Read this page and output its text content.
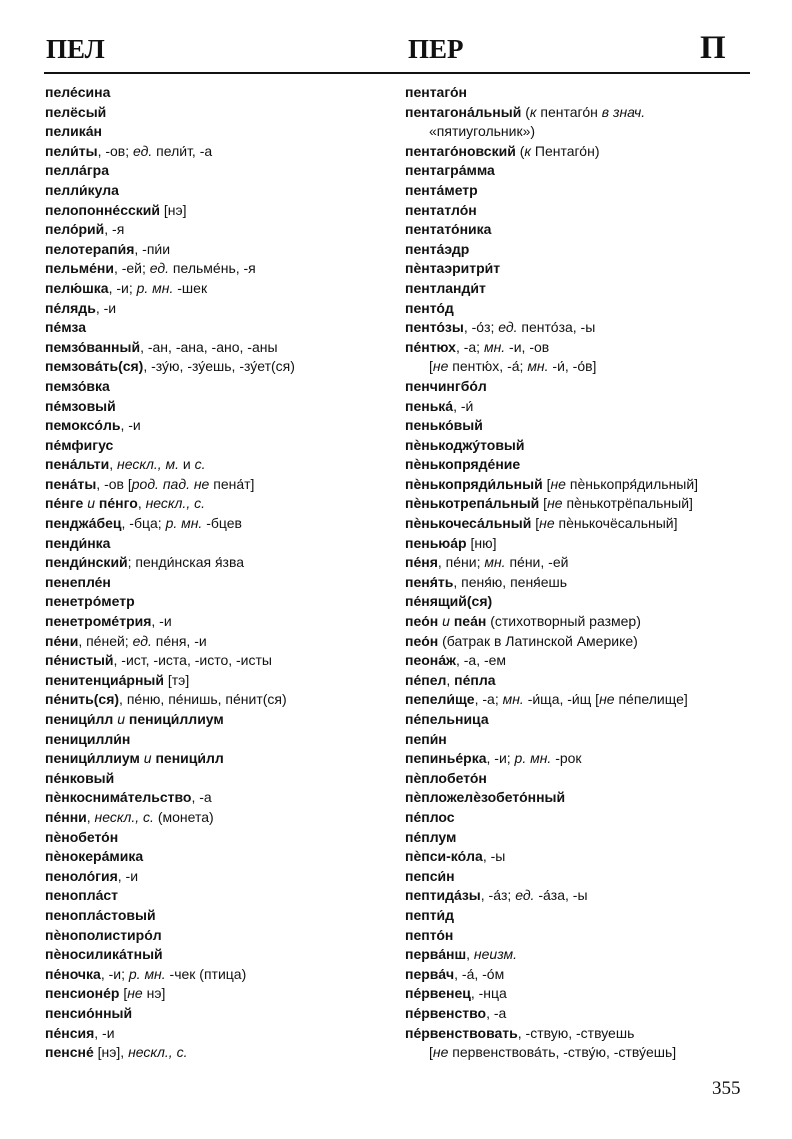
ПЕЛ	ПЕР	П
пеле́сина
пелёсый
пелика́н
пели́ты, -ов; ед. пели́т, -а
пелла́гра
пелли́кула
пелопонне́сский [нэ]
пело́рий, -я
пелотерапи́я, -пи́и
пельме́ни, -ей; ед. пельме́нь, -я
пелю́шка, -и; р. мн. -шек
пе́лядь, -и
пе́мза
пемзо́ванный, -ан, -ана, -ано, -аны
пемзова́ть(ся), -зу́ю, -зу́ешь, -зу́ет(ся)
пемзо́вка
пе́мзовый
пемоксо́ль, -и
пе́мфигус
пена́льти, нескл., м. и с.
пена́ты, -ов [род. пад. не пена́т]
пе́нге и пе́нго, нескл., с.
пенджа́бец, -бца; р. мн. -бцев
пенди́нка
пенди́нский; пенди́нская я́зва
пенепле́н
пенетро́метр
пенетроме́трия, -и
пе́ни, пе́ней; ед. пе́ня, -и
пе́нистый, -ист, -иста, -исто, -исты
пенитенциа́рный [тэ]
пе́нить(ся), пе́ню, пе́нишь, пе́нит(ся)
пеници́лл и пеници́ллиум
пеницилли́н
пеници́ллиум и пеници́лл
пе́нковый
пѐнкоснима́тельство, -а
пе́нни, нескл., с. (монета)
пѐнобето́н
пѐнокера́мика
пеноло́гия, -и
пенопла́ст
пенопла́стовый
пѐнополистиро́л
пѐносилика́тный
пе́ночка, -и; р. мн. -чек (птица)
пенсионе́р [не нэ]
пенсио́нный
пе́нсия, -и
пенсне́ [нэ], нескл., с.
пентаго́н
пентагона́льный (к пентаго́н в знач.
«пятиугольник»)
пентаго́новский (к Пентаго́н)
пентагра́мма
пента́метр
пентатло́н
пентато́ника
пента́эдр
пѐнтаэритри́т
пентланди́т
пенто́д
пенто́зы, -о́з; ед. пенто́за, -ы
пе́нтюх, -а; мн. -и, -ов
[не пентю́х, -а́; мн. -и́, -о́в]
пенчингбо́л
пенька́, -и́
пенько́вый
пѐнькоджу́товый
пѐнькопряде́ние
пѐнькопряди́льный [не пѐнькопря́дильный]
пѐнькотрепа́льный [не пѐнькотрёпальный]
пѐнькочеса́льный [не пѐнькочёсальный]
пеньюа́р [ню]
пе́ня, пе́ни; мн. пе́ни, -ей
пеня́ть, пеня́ю, пеня́ешь
пе́нящий(ся)
пео́н и пеа́н (стихотворный размер)
пео́н (батрак в Латинской Америке)
пеона́ж, -а, -ем
пе́пел, пе́пла
пепели́ще, -а; мн. -и́ща, -и́щ [не пе́пелище]
пе́пельница
пепи́н
пепинье́рка, -и; р. мн. -рок
пѐплобето́н
пѐпложелѐзобето́нный
пе́плос
пе́плум
пѐпси-ко́ла, -ы
пепси́н
пептида́зы, -а́з; ед. -а́за, -ы
пепти́д
пепто́н
перва́нш, неизм.
перва́ч, -а́, -о́м
пе́рвенец, -нца
пе́рвенство, -а
пе́рвенствовать, -ствую, -ствуешь
[не первенствова́ть, -ству́ю, -ству́ешь]
355
